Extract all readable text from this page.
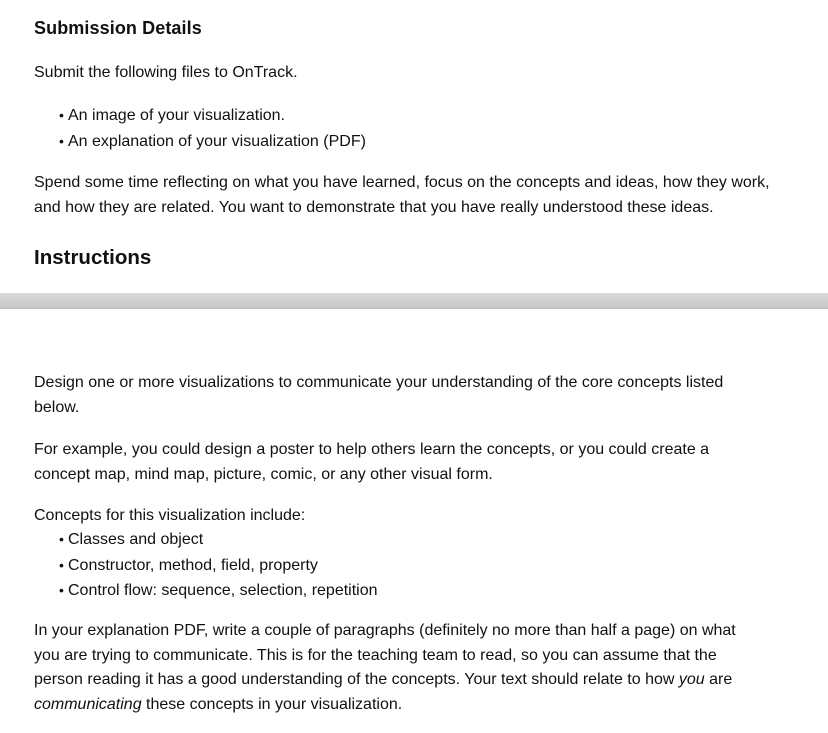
Submission Details
Submit the following files to OnTrack.
• An image of your visualization.
• An explanation of your visualization (PDF)
Spend some time reflecting on what you have learned, focus on the concepts and ideas, how they work,
and how they are related. You want to demonstrate that you have really understood these ideas.
Instructions
Design one or more visualizations to communicate your understanding of the core concepts listed
below.
For example, you could design a poster to help others learn the concepts, or you could create a
concept map, mind map, picture, comic, or any other visual form.
Concepts for this visualization include:
• Classes and object
• Constructor, method, field, property
• Control flow: sequence, selection, repetition
In your explanation PDF, write a couple of paragraphs (definitely no more than half a page) on what
you are trying to communicate. This is for the teaching team to read, so you can assume that the
person reading it has a good understanding of the concepts. Your text should relate to how you are
communicating these concepts in your visualization.
